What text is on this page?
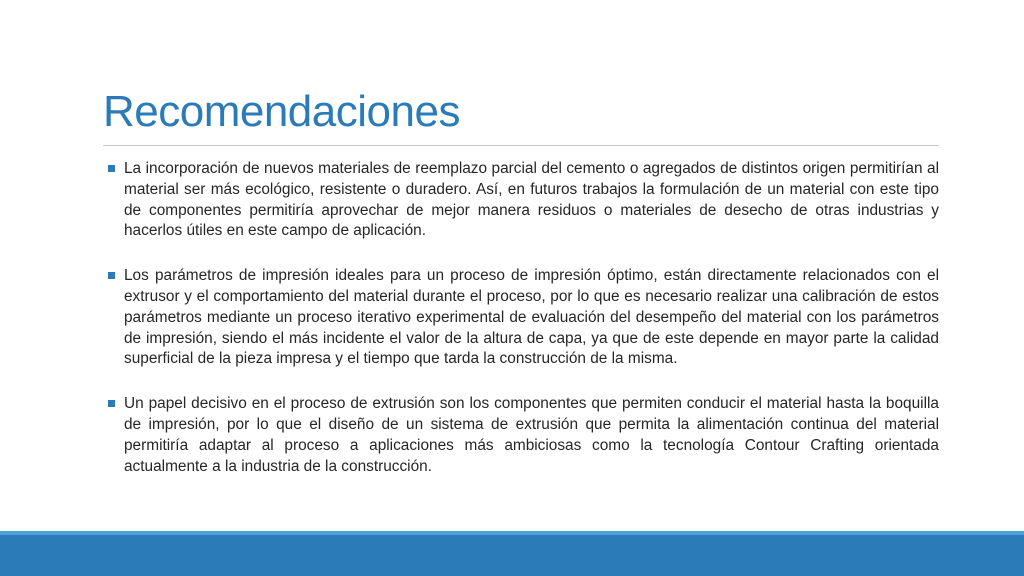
Recomendaciones

La incorporación de nuevos materiales de reemplazo parcial del cemento o agregados de distintos origen permitirían al material ser más ecológico, resistente o duradero. Así, en futuros trabajos la formulación de un material con este tipo de componentes permitiría aprovechar de mejor manera residuos o materiales de desecho de otras industrias y hacerlos útiles en este campo de aplicación.

Los parámetros de impresión ideales para un proceso de impresión óptimo, están directamente relacionados con el extrusor y el comportamiento del material durante el proceso, por lo que es necesario realizar una calibración de estos parámetros mediante un proceso iterativo experimental de evaluación del desempeño del material con los parámetros de impresión, siendo el más incidente el valor de la altura de capa, ya que de este depende en mayor parte la calidad superficial de la pieza impresa y el tiempo que tarda la construcción de la misma.

Un papel decisivo en el proceso de extrusión son los componentes que permiten conducir el material hasta la boquilla de impresión, por lo que el diseño de un sistema de extrusión que permita la alimentación continua del material permitiría adaptar al proceso a aplicaciones más ambiciosas como la tecnología Contour Crafting orientada actualmente a la industria de la construcción.
